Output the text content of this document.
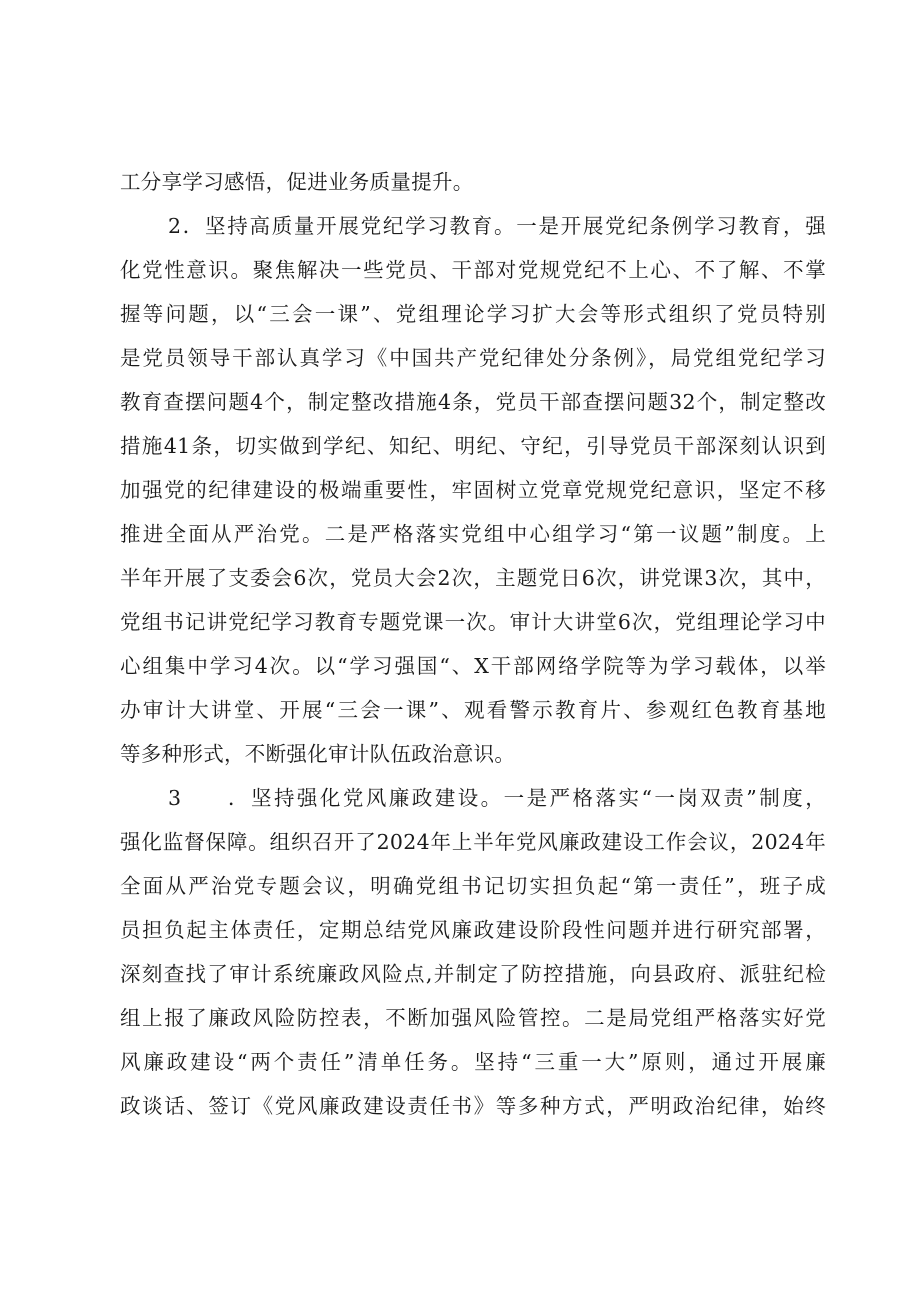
工分享学习感悟，促进业务质量提升。
2．坚持高质量开展党纪学习教育。一是开展党纪条例学习教育，强
化党性意识。聚焦解决一些党员、干部对党规党纪不上心、不了解、不掌
握等问题，以“三会一课”、党组理论学习扩大会等形式组织了党员特别
是党员领导干部认真学习《中国共产党纪律处分条例》，局党组党纪学习
教育查摆问题4个，制定整改措施4条，党员干部查摆问题32个，制定整改
措施41条，切实做到学纪、知纪、明纪、守纪，引导党员干部深刻认识到
加强党的纪律建设的极端重要性，牢固树立党章党规党纪意识，坚定不移
推进全面从严治党。二是严格落实党组中心组学习“第一议题”制度。上
半年开展了支委会6次，党员大会2次，主题党日6次，讲党课3次，其中，
党组书记讲党纪学习教育专题党课一次。审计大讲堂6次，党组理论学习中
心组集中学习4次。以“学习强国“、X干部网络学院等为学习载体，以举
办审计大讲堂、开展“三会一课”、观看警示教育片、参观红色教育基地
等多种形式，不断强化审计队伍政治意识。
3 ．坚持强化党风廉政建设。一是严格落实“一岗双责”制度，
强化监督保障。组织召开了2024年上半年党风廉政建设工作会议，2024年
全面从严治党专题会议，明确党组书记切实担负起“第一责任”，班子成
员担负起主体责任，定期总结党风廉政建设阶段性问题并进行研究部署，
深刻查找了审计系统廉政风险点,并制定了防控措施，向县政府、派驻纪检
组上报了廉政风险防控表，不断加强风险管控。二是局党组严格落实好党
风廉政建设“两个责任”清单任务。坚持“三重一大”原则，通过开展廉
政谈话、签订《党风廉政建设责任书》等多种方式，严明政治纪律，始终
